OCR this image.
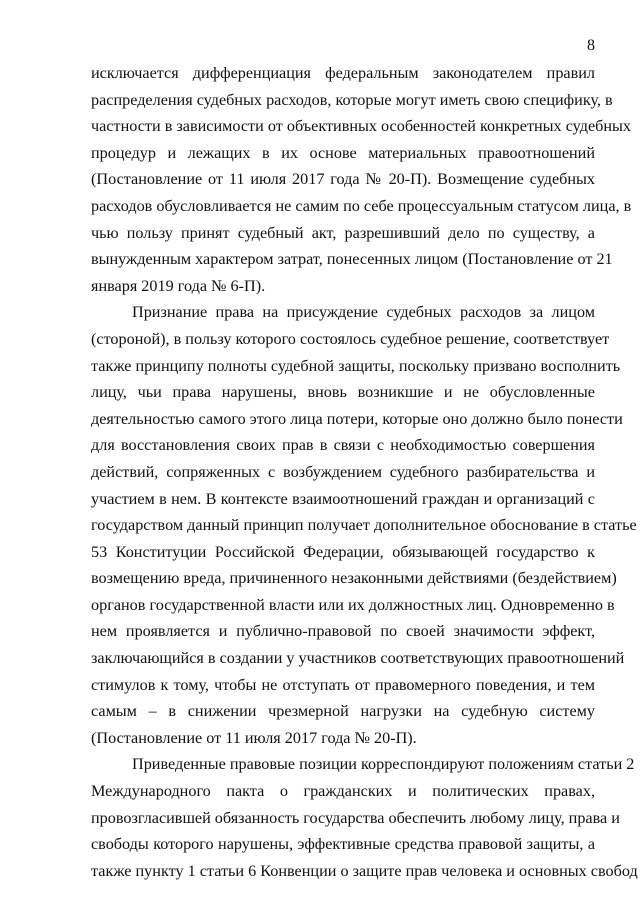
8
исключается дифференциация федеральным законодателем правил
распределения судебных расходов, которые могут иметь свою специфику, в
частности в зависимости от объективных особенностей конкретных судебных
процедур и лежащих в их основе материальных правоотношений
(Постановление от 11 июля 2017 года № 20-П). Возмещение судебных
расходов обусловливается не самим по себе процессуальным статусом лица, в
чью пользу принят судебный акт, разрешивший дело по существу, а
вынужденным характером затрат, понесенных лицом (Постановление от 21
января 2019 года № 6-П).
Признание права на присуждение судебных расходов за лицом
(стороной), в пользу которого состоялось судебное решение, соответствует
также принципу полноты судебной защиты, поскольку призвано восполнить
лицу, чьи права нарушены, вновь возникшие и не обусловленные
деятельностью самого этого лица потери, которые оно должно было понести
для восстановления своих прав в связи с необходимостью совершения
действий, сопряженных с возбуждением судебного разбирательства и
участием в нем. В контексте взаимоотношений граждан и организаций с
государством данный принцип получает дополнительное обоснование в статье
53 Конституции Российской Федерации, обязывающей государство к
возмещению вреда, причиненного незаконными действиями (бездействием)
органов государственной власти или их должностных лиц. Одновременно в
нем проявляется и публично-правовой по своей значимости эффект,
заключающийся в создании у участников соответствующих правоотношений
стимулов к тому, чтобы не отступать от правомерного поведения, и тем
самым – в снижении чрезмерной нагрузки на судебную систему
(Постановление от 11 июля 2017 года № 20-П).
Приведенные правовые позиции корреспондируют положениям статьи 2
Международного пакта о гражданских и политических правах,
провозгласившей обязанность государства обеспечить любому лицу, права и
свободы которого нарушены, эффективные средства правовой защиты, а
также пункту 1 статьи 6 Конвенции о защите прав человека и основных свобод
